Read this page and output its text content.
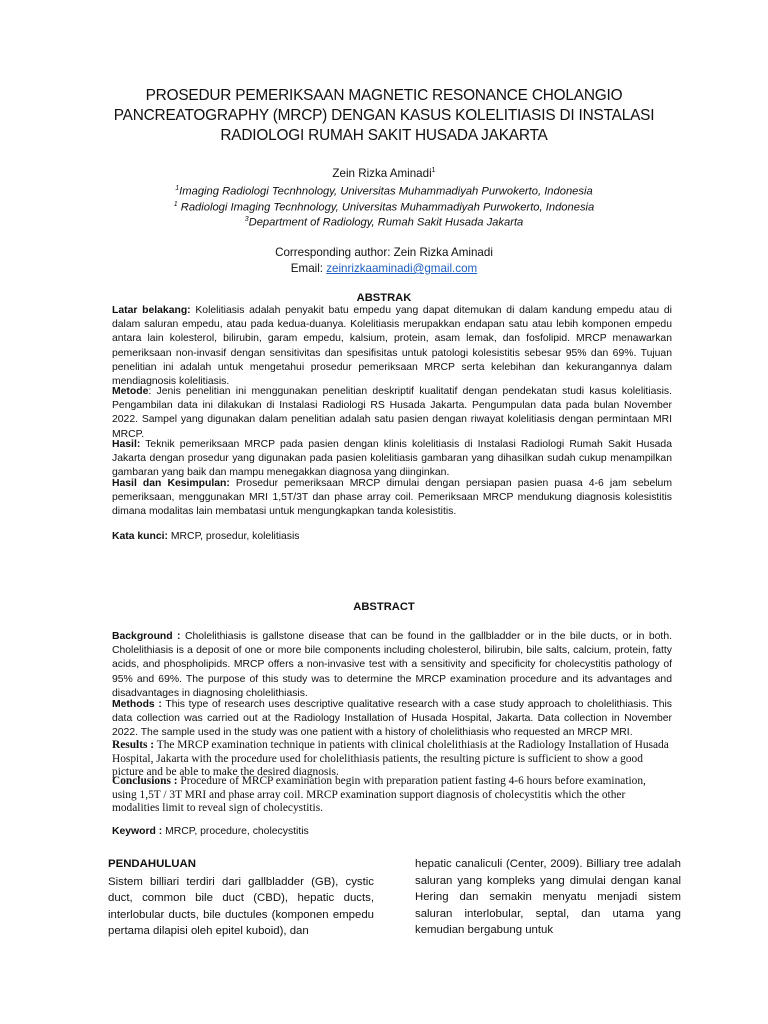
PROSEDUR PEMERIKSAAN MAGNETIC RESONANCE CHOLANGIO PANCREATOGRAPHY (MRCP) DENGAN KASUS KOLELITIASIS DI INSTALASI RADIOLOGI RUMAH SAKIT HUSADA JAKARTA
Zein Rizka Aminadi$^1$
$^1$Imaging Radiologi Tecnhnology, Universitas Muhammadiyah Purwokerto, Indonesia
$^1$ Radiologi Imaging Tecnhnology, Universitas Muhammadiyah Purwokerto, Indonesia
$^3$Department of Radiology, Rumah Sakit Husada Jakarta
Corresponding author: Zein Rizka Aminadi
Email: zeinrizkaaminadi@gmail.com
ABSTRAK

Latar belakang: Kolelitiasis adalah penyakit batu empedu yang dapat ditemukan di dalam kandung empedu atau di dalam saluran empedu, atau pada kedua-duanya. Kolelitiasis merupakkan endapan satu atau lebih komponen empedu antara lain kolesterol, bilirubin, garam empedu, kalsium, protein, asam lemak, dan fosfolipid. MRCP menawarkan pemeriksaan non-invasif dengan sensitivitas dan spesifisitas untuk patologi kolesistitis sebesar 95% dan 69%. Tujuan penelitian ini adalah untuk mengetahui prosedur pemeriksaan MRCP serta kelebihan dan kekurangannya dalam mendiagnosis kolelitiasis.

Metode: Jenis penelitian ini menggunakan penelitian deskriptif kualitatif dengan pendekatan studi kasus kolelitiasis. Pengambilan data ini dilakukan di Instalasi Radiologi RS Husada Jakarta. Pengumpulan data pada bulan November 2022. Sampel yang digunakan dalam penelitian adalah satu pasien dengan riwayat kolelitiasis dengan permintaan MRI MRCP.

Hasil: Teknik pemeriksaan MRCP pada pasien dengan klinis kolelitiasis di Instalasi Radiologi Rumah Sakit Husada Jakarta dengan prosedur yang digunakan pada pasien kolelitiasis gambaran yang dihasilkan sudah cukup menampilkan gambaran yang baik dan mampu menegakkan diagnosa yang diinginkan.

Hasil dan Kesimpulan: Prosedur pemeriksaan MRCP dimulai dengan persiapan pasien puasa 4-6 jam sebelum pemeriksaan, menggunakan MRI 1,5T/3T dan phase array coil. Pemeriksaan MRCP mendukung diagnosis kolesistitis dimana modalitas lain membatasi untuk mengungkapkan tanda kolesistitis.

Kata kunci: MRCP, prosedur, kolelitiasis
ABSTRACT

Background : Cholelithiasis is gallstone disease that can be found in the gallbladder or in the bile ducts, or in both. Cholelithiasis is a deposit of one or more bile components including cholesterol, bilirubin, bile salts, calcium, protein, fatty acids, and phospholipids. MRCP offers a non-invasive test with a sensitivity and specificity for cholecystitis pathology of 95% and 69%. The purpose of this study was to determine the MRCP examination procedure and its advantages and disadvantages in diagnosing cholelithiasis.

Methods : This type of research uses descriptive qualitative research with a case study approach to cholelithiasis. This data collection was carried out at the Radiology Installation of Husada Hospital, Jakarta. Data collection in November 2022. The sample used in the study was one patient with a history of cholelithiasis who requested an MRCP MRI.

Results : The MRCP examination technique in patients with clinical cholelithiasis at the Radiology Installation of Husada Hospital, Jakarta with the procedure used for cholelithiasis patients, the resulting picture is sufficient to show a good picture and be able to make the desired diagnosis.

Conclusions : Procedure of MRCP examination begin with preparation patient fasting 4-6 hours before examination, using 1,5T / 3T MRI and phase array coil. MRCP examination support diagnosis of cholecystitis which the other modalities limit to reveal sign of cholecystitis.

Keyword : MRCP, procedure, cholecystitis
PENDAHULUAN

Sistem billiari terdiri dari gallbladder (GB), cystic duct, common bile duct (CBD), hepatic ducts, interlobular ducts, bile ductules (komponen empedu pertama dilapisi oleh epitel kuboid), dan

hepatic canaliculi (Center, 2009). Billiary tree adalah saluran yang kompleks yang dimulai dengan kanal Hering dan semakin menyatu menjadi sistem saluran interlobular, septal, dan utama yang kemudian bergabung untuk
